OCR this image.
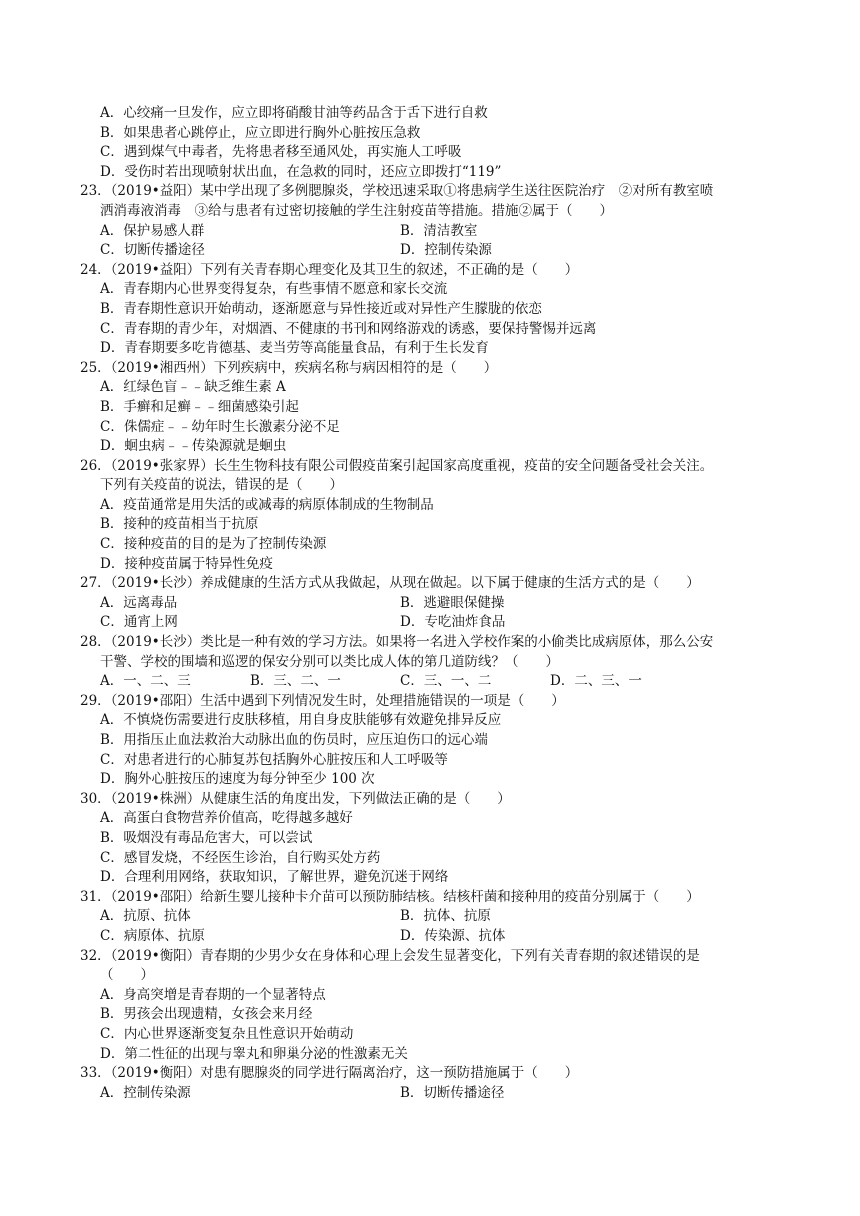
A．心绞痛一旦发作，应立即将硝酸甘油等药品含于舌下进行自救
B．如果患者心跳停止，应立即进行胸外心脏按压急救
C．遇到煤气中毒者，先将患者移至通风处，再实施人工呼吸
D．受伤时若出现喷射状出血，在急救的同时，还应立即拨打“119”
23．（2019•益阳）某中学出现了多例腮腺炎，学校迅速采取①将患病学生送往医院治疗　②对所有教室喷
洒消毒液消毒　③给与患者有过密切接触的学生注射疫苗等措施。措施②属于（　　）
A．保护易感人群	B．清洁教室
C．切断传播途径	D．控制传染源
24．（2019•益阳）下列有关青春期心理变化及其卫生的叙述，不正确的是（　　）
A．青春期内心世界变得复杂，有些事情不愿意和家长交流
B．青春期性意识开始萌动，逐渐愿意与异性接近或对异性产生朦胧的依恋
C．青春期的青少年，对烟酒、不健康的书刊和网络游戏的诱惑，要保持警惕并远离
D．青春期要多吃肯德基、麦当劳等高能量食品，有利于生长发育
25．（2019•湘西州）下列疾病中，疾病名称与病因相符的是（　　）
A．红绿色盲﹣﹣缺乏维生素 A
B．手癣和足癣﹣﹣细菌感染引起
C．侏儒症﹣﹣幼年时生长激素分泌不足
D．蛔虫病﹣﹣传染源就是蛔虫
26．（2019•张家界）长生生物科技有限公司假疫苗案引起国家高度重视，疫苗的安全问题备受社会关注。
下列有关疫苗的说法，错误的是（　　）
A．疫苗通常是用失活的或减毒的病原体制成的生物制品
B．接种的疫苗相当于抗原
C．接种疫苗的目的是为了控制传染源
D．接种疫苗属于特异性免疫
27．（2019•长沙）养成健康的生活方式从我做起，从现在做起。以下属于健康的生活方式的是（　　）
A．远离毒品	B．逃避眼保健操
C．通宵上网	D．专吃油炸食品
28．（2019•长沙）类比是一种有效的学习方法。如果将一名进入学校作案的小偷类比成病原体，那么公安
干警、学校的围墙和巡逻的保安分别可以类比成人体的第几道防线？（　　）
A．一、二、三	B．三、二、一	C．三、一、二	D．二、三、一
29．（2019•邵阳）生活中遇到下列情况发生时，处理措施错误的一项是（　　）
A．不慎烧伤需要进行皮肤移植，用自身皮肤能够有效避免排异反应
B．用指压止血法救治大动脉出血的伤员时，应压迫伤口的远心端
C．对患者进行的心肺复苏包括胸外心脏按压和人工呼吸等
D．胸外心脏按压的速度为每分钟至少 100 次
30．（2019•株洲）从健康生活的角度出发，下列做法正确的是（　　）
A．高蛋白食物营养价值高，吃得越多越好
B．吸烟没有毒品危害大，可以尝试
C．感冒发烧，不经医生诊治，自行购买处方药
D．合理利用网络，获取知识，了解世界，避免沉迷于网络
31．（2019•邵阳）给新生婴儿接种卡介苗可以预防肺结核。结核杆菌和接种用的疫苗分别属于（　　）
A．抗原、抗体	B．抗体、抗原
C．病原体、抗原	D．传染源、抗体
32．（2019•衡阳）青春期的少男少女在身体和心理上会发生显著变化，下列有关青春期的叙述错误的是
（　　）
A．身高突增是青春期的一个显著特点
B．男孩会出现遗精，女孩会来月经
C．内心世界逐渐变复杂且性意识开始萌动
D．第二性征的出现与睾丸和卵巢分泌的性激素无关
33．（2019•衡阳）对患有腮腺炎的同学进行隔离治疗，这一预防措施属于（　　）
A．控制传染源	B．切断传播途径
